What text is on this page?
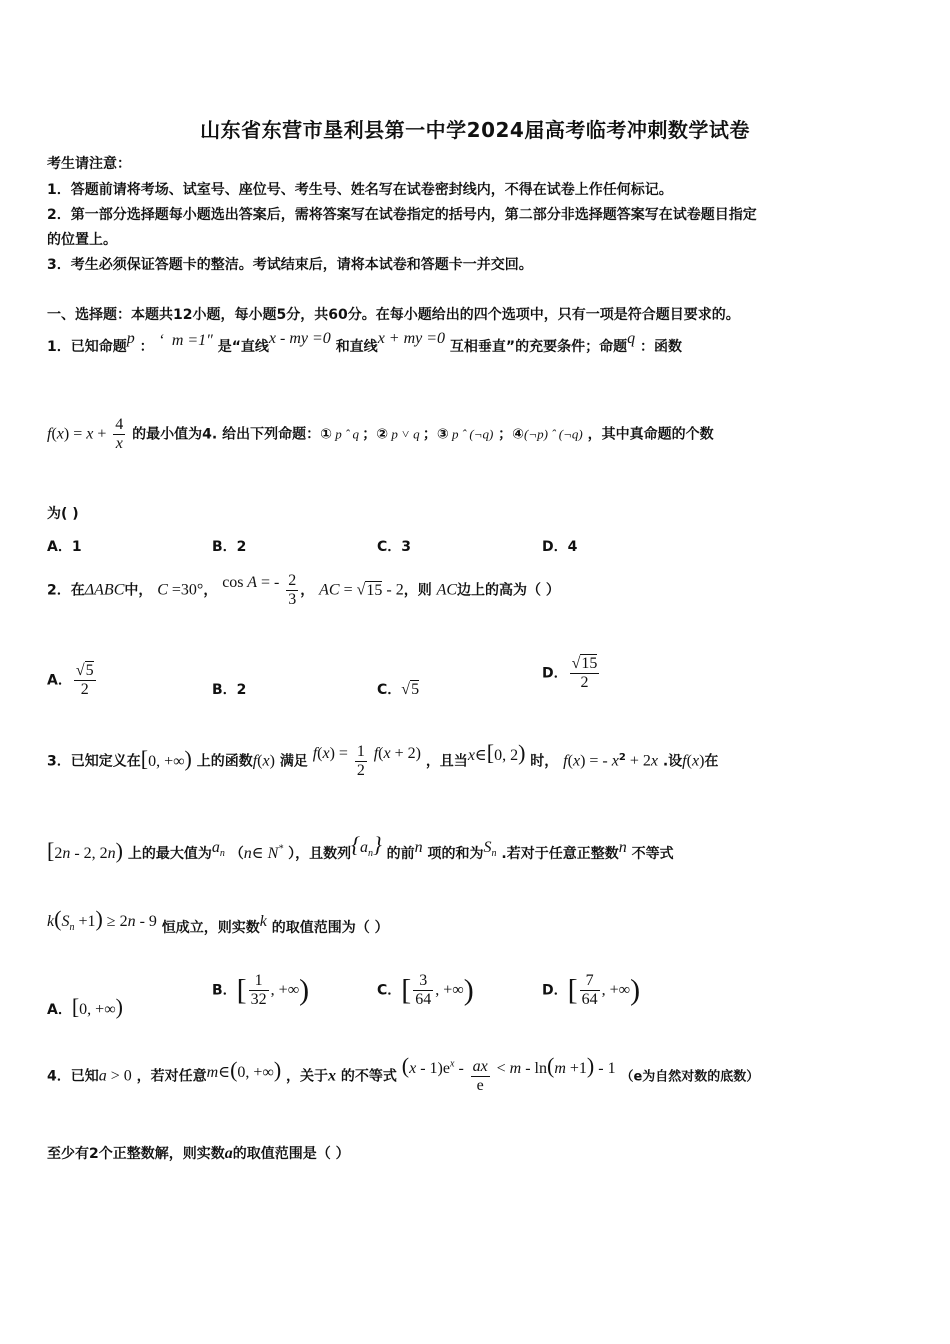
山东省东营市垦利县第一中学2024届高考临考冲刺数学试卷
考生请注意：
1．答题前请将考场、试室号、座位号、考生号、姓名写在试卷密封线内，不得在试卷上作任何标记。
2．第一部分选择题每小题选出答案后，需将答案写在试卷指定的括号内，第二部分非选择题答案写在试卷题目指定
的位置上。
3．考生必须保证答题卡的整洁。考试结束后，请将本试卷和答题卡一并交回。
一、选择题：本题共12小题，每小题5分，共60分。在每小题给出的四个选项中，只有一项是符合题目要求的。
1．已知命题p ： ʻ  m =1″ 是“直线x - my =0 和直线x + my =0 互相垂直”的充要条件；命题q ：函数
$f(x) = x + \frac{4}{x}$ 的最小值为4. 给出下列命题：① p ˆ q ；② p ˅ q ；③ p ˆ (¬q) ；④(¬p) ˆ (¬q) ，其中真命题的个数
为( )
A．1	B．2	C．3	D．4
2．在ΔABC中， C =30°， cos A = - $\frac{2}{3}$ ， AC = √15 - 2，则 AC边上的高为（ ）
A． $\frac{√5}{2}$	B．2	C．√5
D． $\frac{√15}{2}$
3．已知定义在[0, +∞) 上的函数f(x) 满足 $f(x) = \frac{1}{2} f(x + 2)$ ，且当x∈[0, 2) 时， f(x) = - $x^2 + 2x$ .设f(x)在
[2n - 2, 2n) 上的最大值为$a_n$ （n∈ N* ），且数列$\{a_n\}$ 的前n 项的和为$S_n$ .若对于任意正整数n 不等式
$k(S_n +1) \ge 2n - 9$ 恒成立，则实数k 的取值范围为（ ）
A．[0, +∞)
B．[ $\frac{1}{32}$ , +∞)	C．[ $\frac{3}{64}$ , +∞)	D．[ $\frac{7}{64}$ , +∞)
4．已知a > 0 ，若对任意m∈(0, +∞) ，关于x 的不等式 $(x - 1)e^x - \frac{ax}{e} < m - \ln(m +1) - 1$ （e为自然对数的底数）
至少有2个正整数解，则实数a的取值范围是（ ）
